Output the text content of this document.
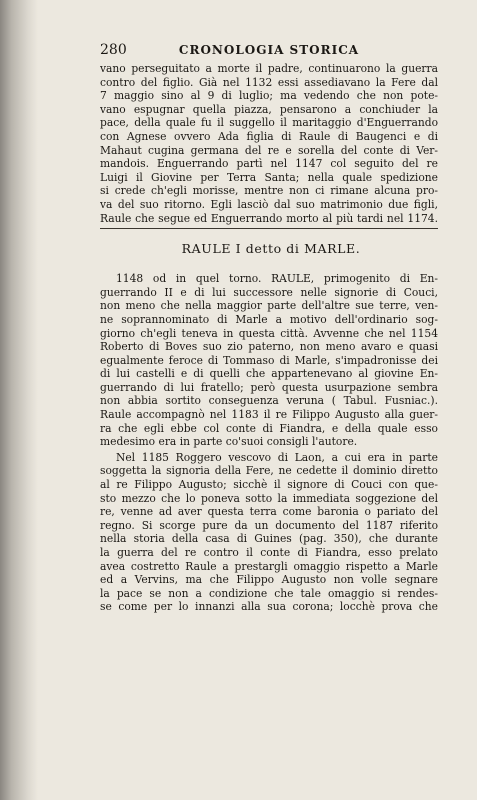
280	CRONOLOGIA STORICA
vano perseguitato a morte il padre, continuarono la guerra
contro del figlio. Già nel 1132 essi assediavano la Fere dal
7 maggio sino al 9 di luglio; ma vedendo che non pote-
vano espugnar quella piazza, pensarono a conchiuder la
pace, della quale fu il suggello il maritaggio d'Enguerrando
con Agnese ovvero Ada figlia di Raule di Baugenci e di
Mahaut cugina germana del re e sorella del conte di Ver-
mandois. Enguerrando partì nel 1147 col seguito del re
Luigi il Giovine per Terra Santa; nella quale spedizione
si crede ch'egli morisse, mentre non ci rimane alcuna pro-
va del suo ritorno. Egli lasciò dal suo matrimonio due figli,
Raule che segue ed Enguerrando morto al più tardi nel 1174.
RAULE I detto di MARLE.
1148 od in quel torno. RAULE, primogenito di En-
guerrando II e di lui successore nelle signorie di Couci,
non meno che nella maggior parte dell'altre sue terre, ven-
ne soprannominato di Marle a motivo dell'ordinario sog-
giorno ch'egli teneva in questa città. Avvenne che nel 1154
Roberto di Boves suo zio paterno, non meno avaro e quasi
egualmente feroce di Tommaso di Marle, s'impadronisse dei
di lui castelli e di quelli che appartenevano al giovine En-
guerrando di lui fratello; però questa usurpazione sembra
non abbia sortito conseguenza veruna ( Tabul. Fusniac.).
Raule accompagnò nel 1183 il re Filippo Augusto alla guer-
ra che egli ebbe col conte di Fiandra, e della quale esso
medesimo era in parte co'suoi consigli l'autore.
Nel 1185 Roggero vescovo di Laon, a cui era in parte
soggetta la signoria della Fere, ne cedette il dominio diretto
al re Filippo Augusto; sicchè il signore di Couci con que-
sto mezzo che lo poneva sotto la immediata soggezione del
re, venne ad aver questa terra come baronia o pariato del
regno. Si scorge pure da un documento del 1187 riferito
nella storia della casa di Guines (pag. 350), che durante
la guerra del re contro il conte di Fiandra, esso prelato
avea costretto Raule a prestargli omaggio rispetto a Marle
ed a Vervins, ma che Filippo Augusto non volle segnare
la pace se non a condizione che tale omaggio si rendes-
se come per lo innanzi alla sua corona; locchè prova che
